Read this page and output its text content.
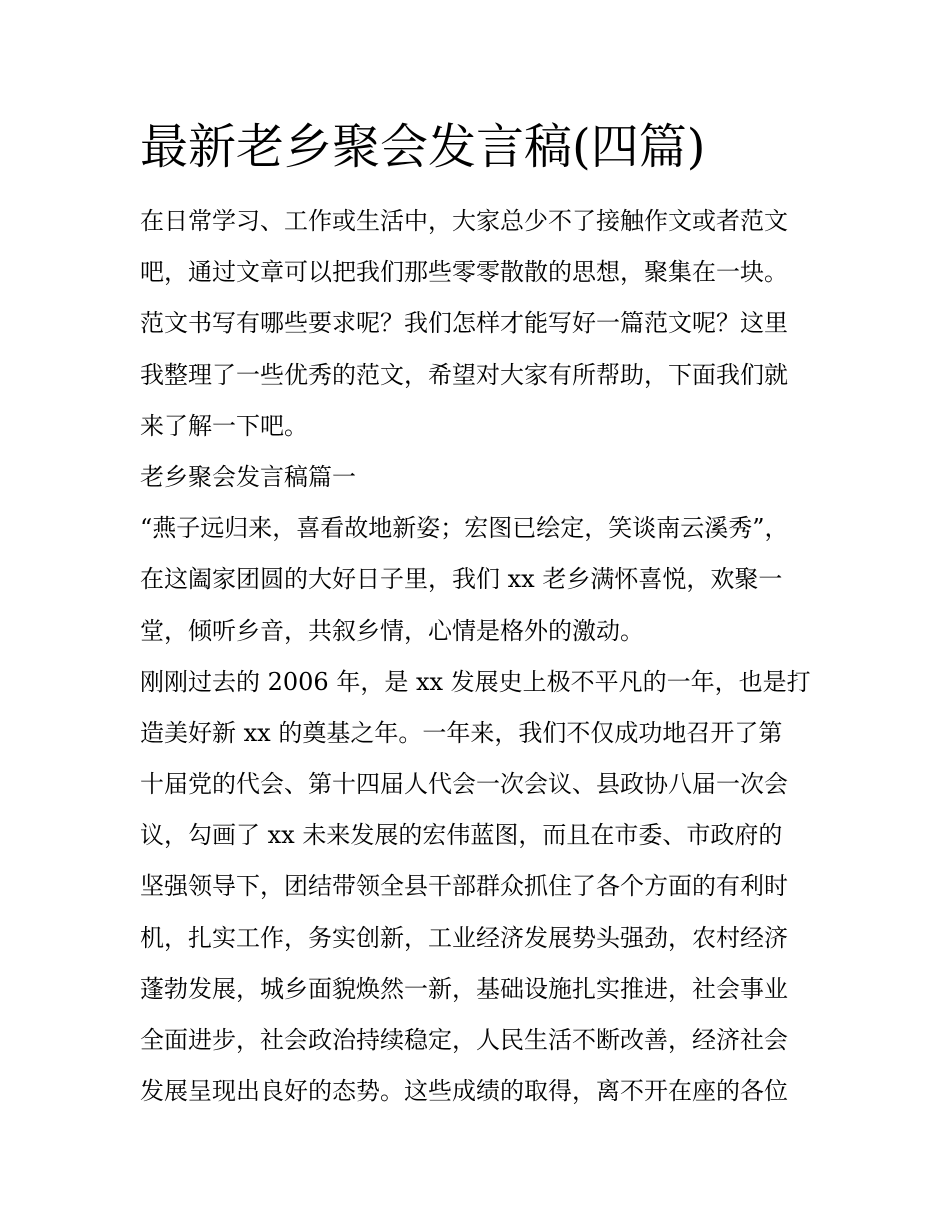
最新老乡聚会发言稿(四篇)
在日常学习、工作或生活中，大家总少不了接触作文或者范文
吧，通过文章可以把我们那些零零散散的思想，聚集在一块。
范文书写有哪些要求呢？我们怎样才能写好一篇范文呢？这里
我整理了一些优秀的范文，希望对大家有所帮助，下面我们就
来了解一下吧。
老乡聚会发言稿篇一
“燕子远归来，喜看故地新姿；宏图已绘定，笑谈南云溪秀”，
在这阖家团圆的大好日子里，我们 xx 老乡满怀喜悦，欢聚一
堂，倾听乡音，共叙乡情，心情是格外的激动。
刚刚过去的 2006 年，是 xx 发展史上极不平凡的一年，也是打
造美好新 xx 的奠基之年。一年来，我们不仅成功地召开了第
十届党的代会、第十四届人代会一次会议、县政协八届一次会
议，勾画了 xx 未来发展的宏伟蓝图，而且在市委、市政府的
坚强领导下，团结带领全县干部群众抓住了各个方面的有利时
机，扎实工作，务实创新，工业经济发展势头强劲，农村经济
蓬勃发展，城乡面貌焕然一新，基础设施扎实推进，社会事业
全面进步，社会政治持续稳定，人民生活不断改善，经济社会
发展呈现出良好的态势。这些成绩的取得，离不开在座的各位
